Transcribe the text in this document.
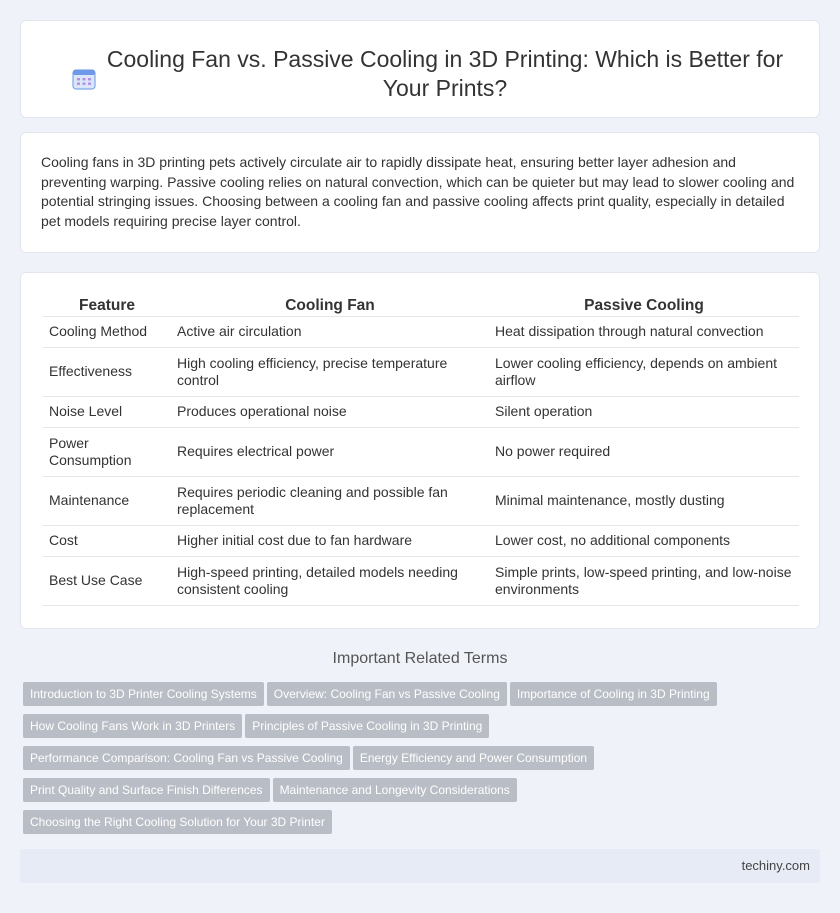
Cooling Fan vs. Passive Cooling in 3D Printing: Which is Better for Your Prints?

Cooling fans in 3D printing pets actively circulate air to rapidly dissipate heat, ensuring better layer adhesion and preventing warping. Passive cooling relies on natural convection, which can be quieter but may lead to slower cooling and potential stringing issues. Choosing between a cooling fan and passive cooling affects print quality, especially in detailed pet models requiring precise layer control.

Feature	Cooling Fan	Passive Cooling
Cooling Method	Active air circulation	Heat dissipation through natural convection
Effectiveness	High cooling efficiency, precise temperature control	Lower cooling efficiency, depends on ambient airflow
Noise Level	Produces operational noise	Silent operation
Power Consumption	Requires electrical power	No power required
Maintenance	Requires periodic cleaning and possible fan replacement	Minimal maintenance, mostly dusting
Cost	Higher initial cost due to fan hardware	Lower cost, no additional components
Best Use Case	High-speed printing, detailed models needing consistent cooling	Simple prints, low-speed printing, and low-noise environments
Important Related Terms
Introduction to 3D Printer Cooling Systems Overview: Cooling Fan vs Passive Cooling Importance of Cooling in 3D Printing
How Cooling Fans Work in 3D Printers Principles of Passive Cooling in 3D Printing
Performance Comparison: Cooling Fan vs Passive Cooling Energy Efficiency and Power Consumption
Print Quality and Surface Finish Differences Maintenance and Longevity Considerations
Choosing the Right Cooling Solution for Your 3D Printer
techiny.com
